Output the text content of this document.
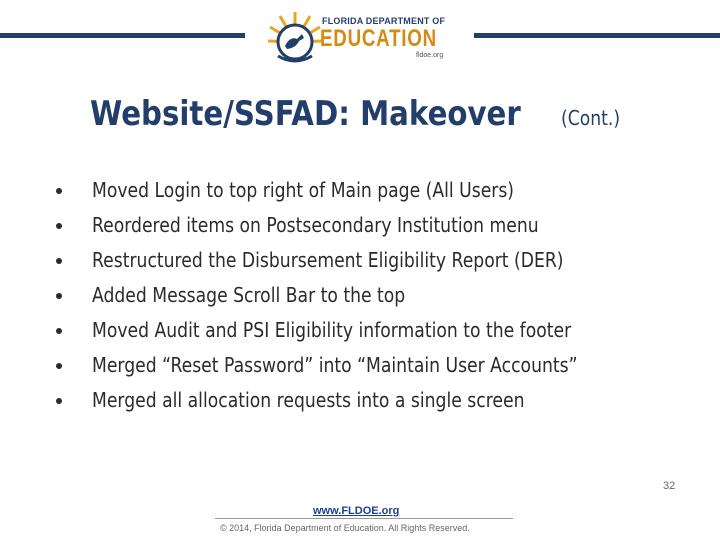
FLORIDA DEPARTMENT OF
EDUCATION
fldoe.org
Website/SSFAD: Makeover (Cont.)
Moved Login to top right of Main page (All Users)
Reordered items on Postsecondary Institution menu
Restructured the Disbursement Eligibility Report (DER)
Added Message Scroll Bar to the top
Moved Audit and PSI Eligibility information to the footer
Merged “Reset Password” into “Maintain User Accounts”
Merged all allocation requests into a single screen
www.FLDOE.org
© 2014, Florida Department of Education. All Rights Reserved.
32
